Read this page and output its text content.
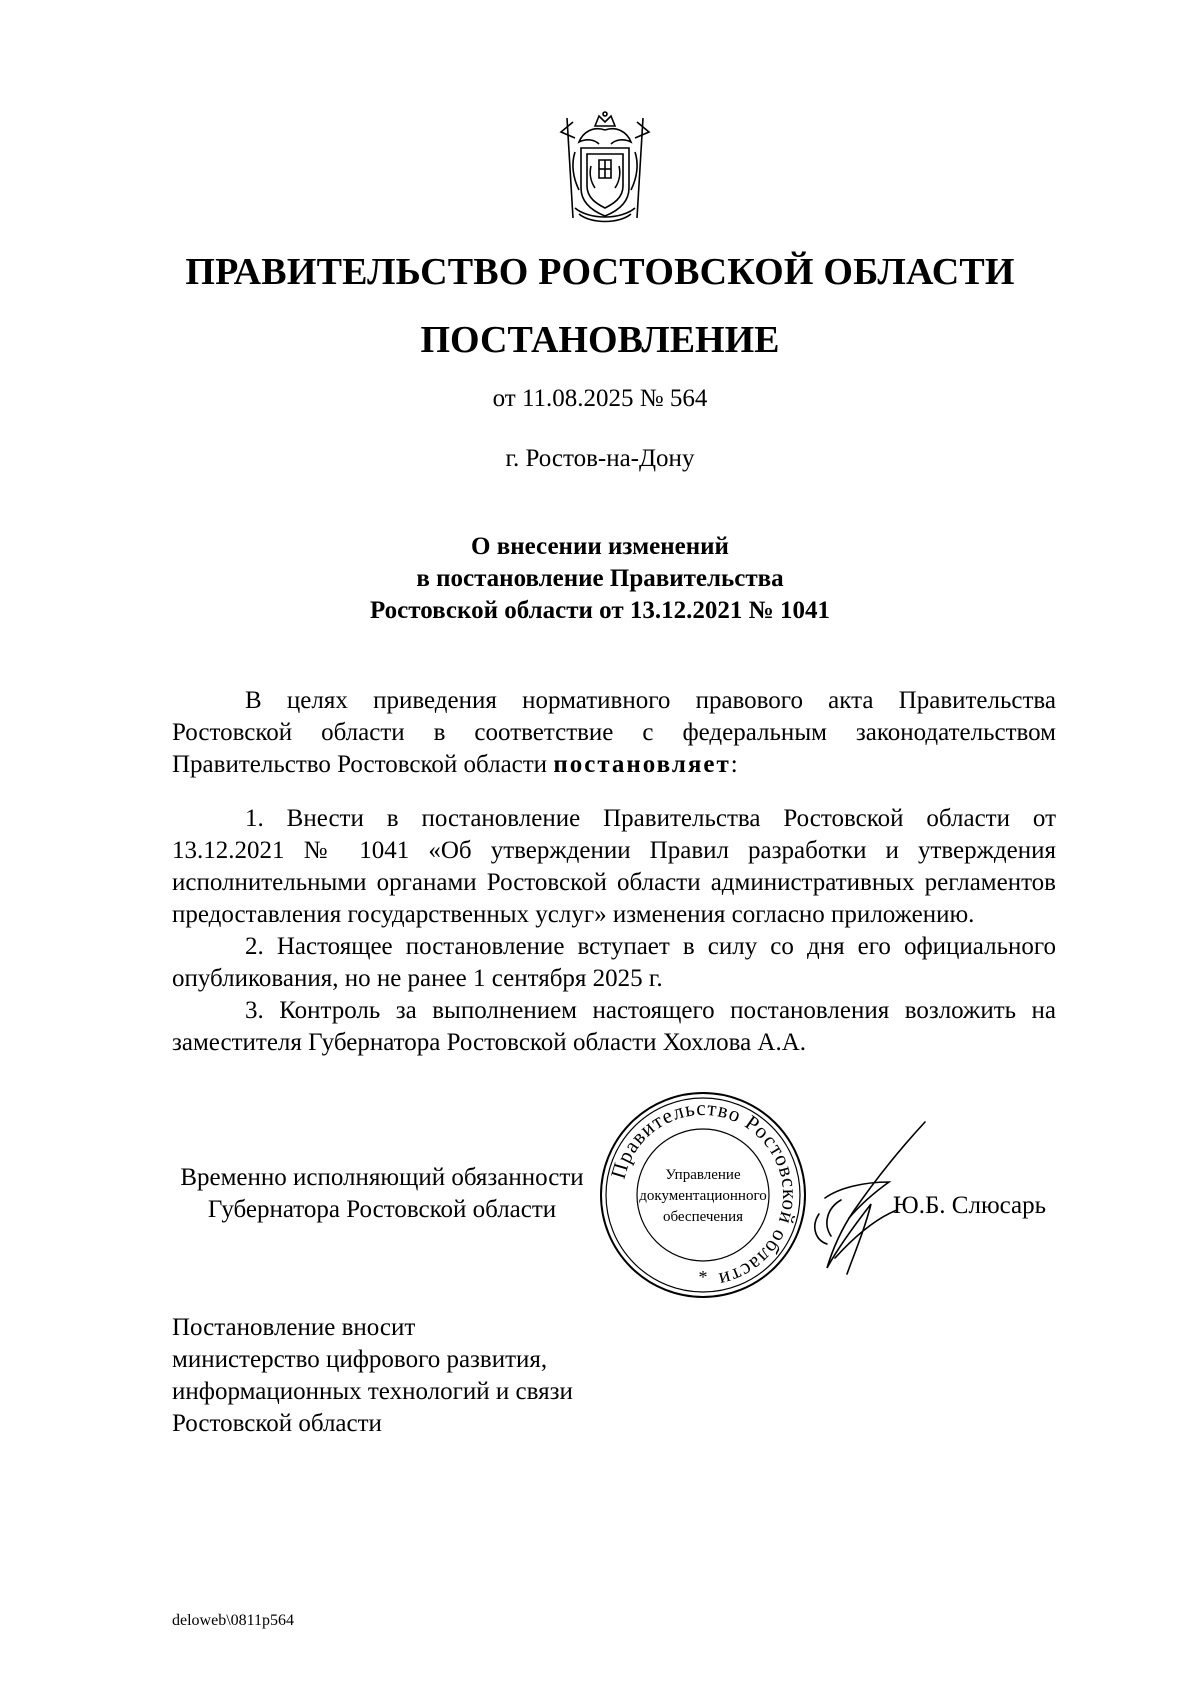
ПРАВИТЕЛЬСТВО РОСТОВСКОЙ ОБЛАСТИ
ПОСТАНОВЛЕНИЕ
от 11.08.2025 № 564
г. Ростов-на-Дону
О внесении изменений
в постановление Правительства
Ростовской области от 13.12.2021 № 1041

В целях приведения нормативного правового акта Правительства Ростовской области в соответствие с федеральным законодательством Правительство Ростовской области постановляет:

1. Внести в постановление Правительства Ростовской области от 13.12.2021 № 1041 «Об утверждении Правил разработки и утверждения исполнительными органами Ростовской области административных регламентов предоставления государственных услуг» изменения согласно приложению.

2. Настоящее постановление вступает в силу со дня его официального опубликования, но не ранее 1 сентября 2025 г.

3. Контроль за выполнением настоящего постановления возложить на заместителя Губернатора Ростовской области Хохлова А.А.

Временно исполняющий обязанности
Губернатора Ростовской области
Правительство Ростовской области
Управление
документационного
обеспечения
*
Ю.Б. Слюсарь
Постановление вносит
министерство цифрового развития,
информационных технологий и связи
Ростовской области
deloweb\0811p564
